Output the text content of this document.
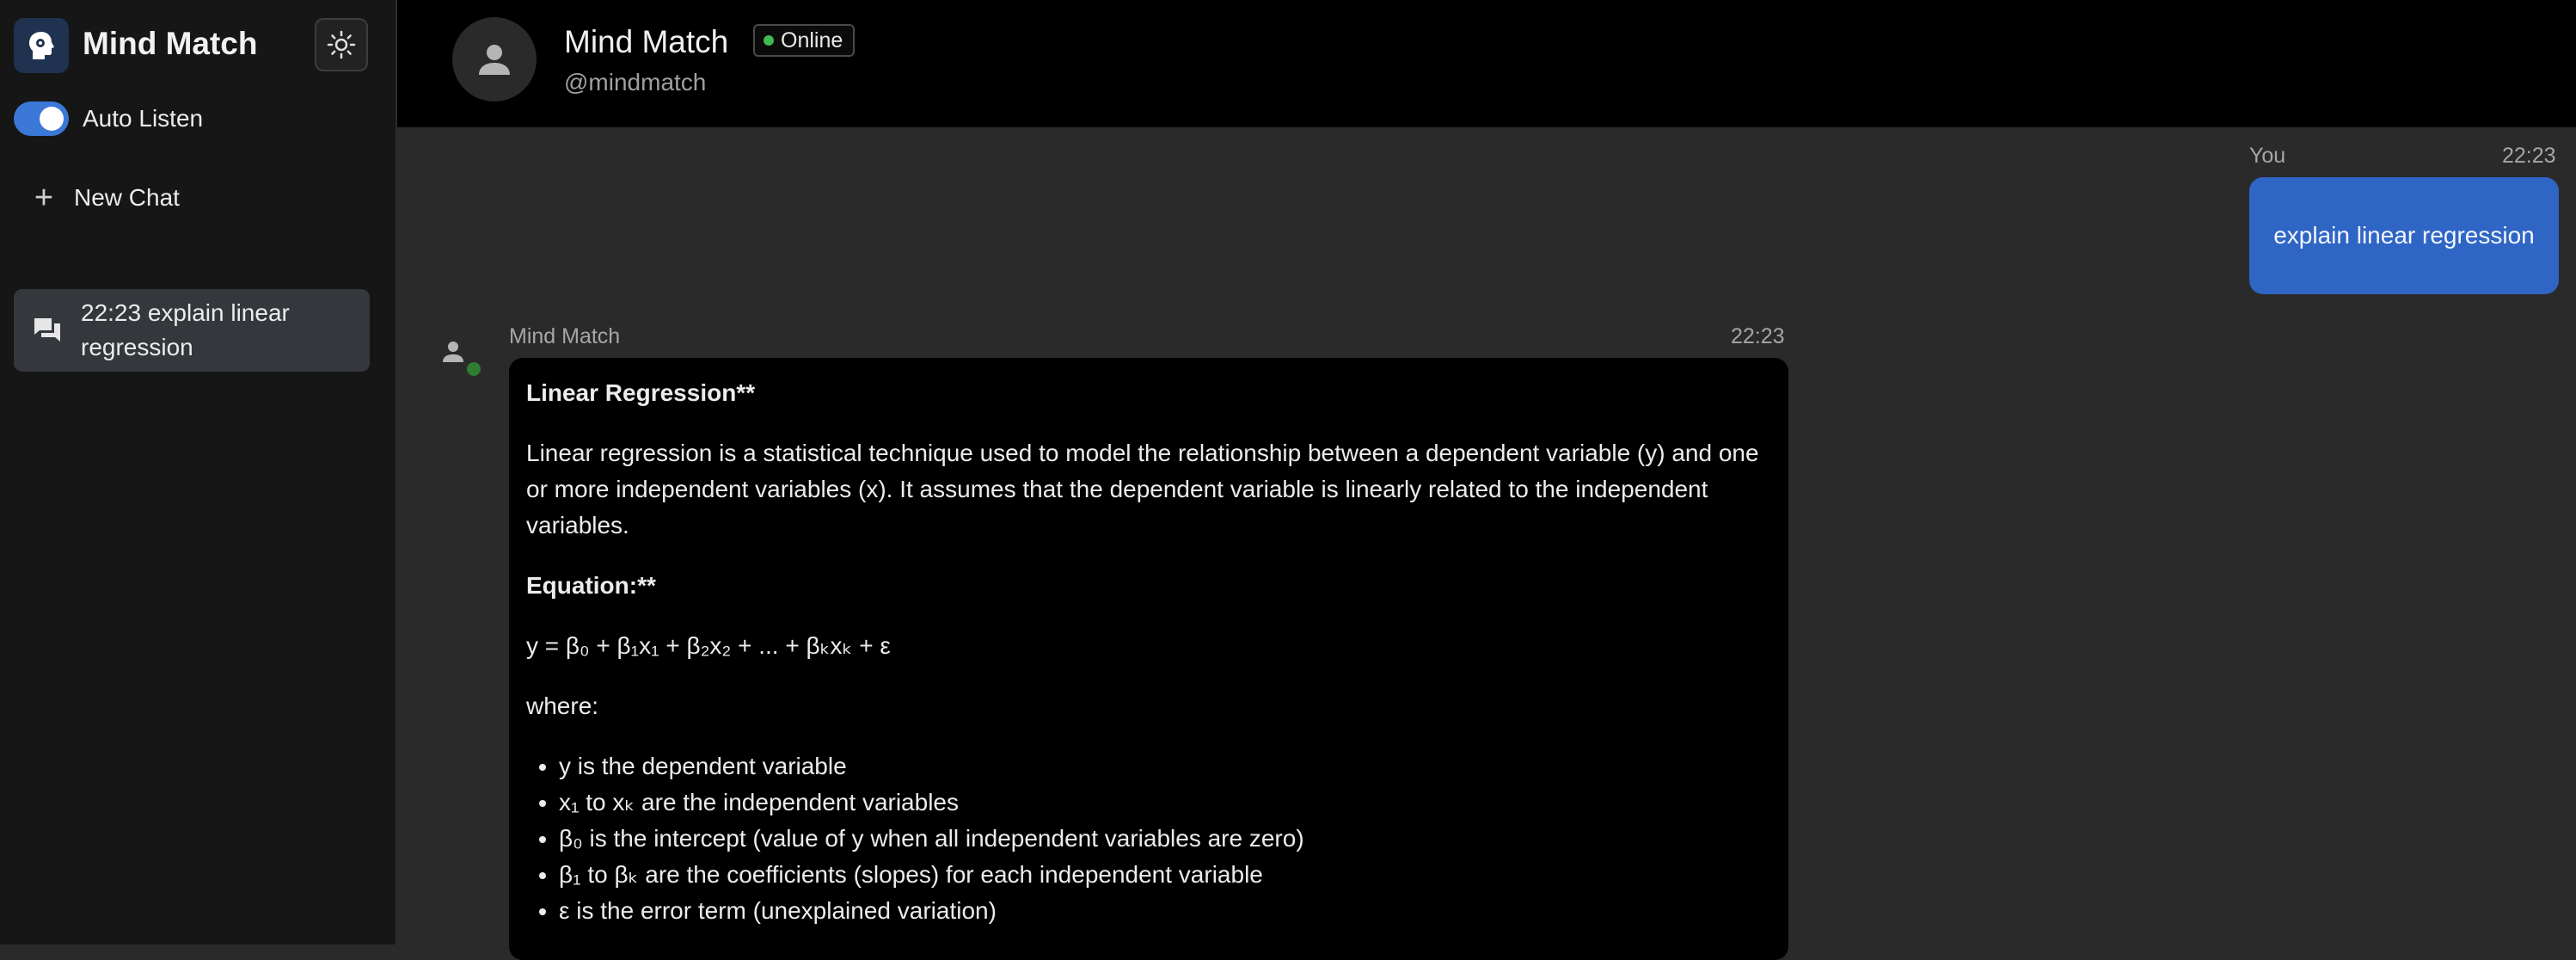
Mind Match
Auto Listen
+ New Chat
22:23 explain linear regression
Mind Match Online
@mindmatch
You	22:23
explain linear regression
Mind Match	22:23

Linear Regression**

Linear regression is a statistical technique used to model the relationship between a dependent variable (y) and one or more independent variables (x). It assumes that the dependent variable is linearly related to the independent variables.

Equation:**

y = β₀ + β₁x₁ + β₂x₂ + ... + βₖxₖ + ε

where:

• y is the dependent variable
• x₁ to xₖ are the independent variables
• β₀ is the intercept (value of y when all independent variables are zero)
• β₁ to βₖ are the coefficients (slopes) for each independent variable
• ε is the error term (unexplained variation)
